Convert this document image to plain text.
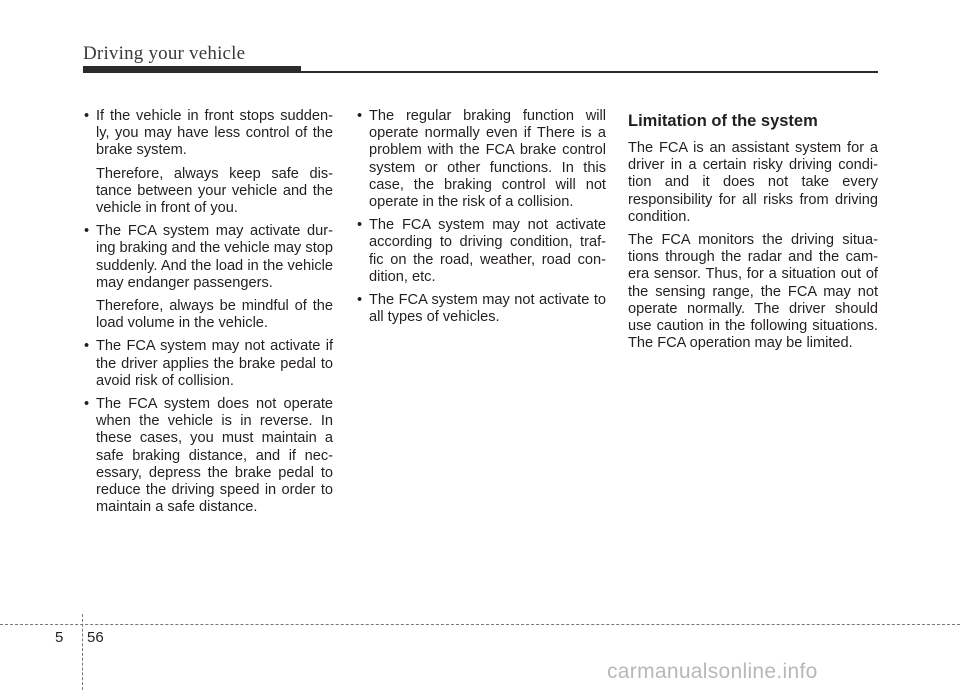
Driving your vehicle
• If the vehicle in front stops sudden-ly, you may have less control of the brake system.

Therefore, always keep safe dis-tance between your vehicle and the vehicle in front of you.

• The FCA system may activate dur-ing braking and the vehicle may stop suddenly. And the load in the vehicle may endanger passengers.

Therefore, always be mindful of the load volume in the vehicle.

• The FCA system may not activate if the driver applies the brake pedal to avoid risk of collision.

• The FCA system does not operate when the vehicle is in reverse. In these cases, you must maintain a safe braking distance, and if nec-essary, depress the brake pedal to reduce the driving speed in order to maintain a safe distance.

• The regular braking function will operate normally even if There is a problem with the FCA brake control system or other functions. In this case, the braking control will not operate in the risk of a collision.

• The FCA system may not activate according to driving condition, traf-fic on the road, weather, road con-dition, etc.

• The FCA system may not activate to all types of vehicles.

Limitation of the system

The FCA is an assistant system for a driver in a certain risky driving condi-tion and it does not take every responsibility for all risks from driving condition.

The FCA monitors the driving situa-tions through the radar and the cam-era sensor. Thus, for a situation out of the sensing range, the FCA may not operate normally. The driver should use caution in the following situations. The FCA operation may be limited.

5 56
carmanualsonline.info
